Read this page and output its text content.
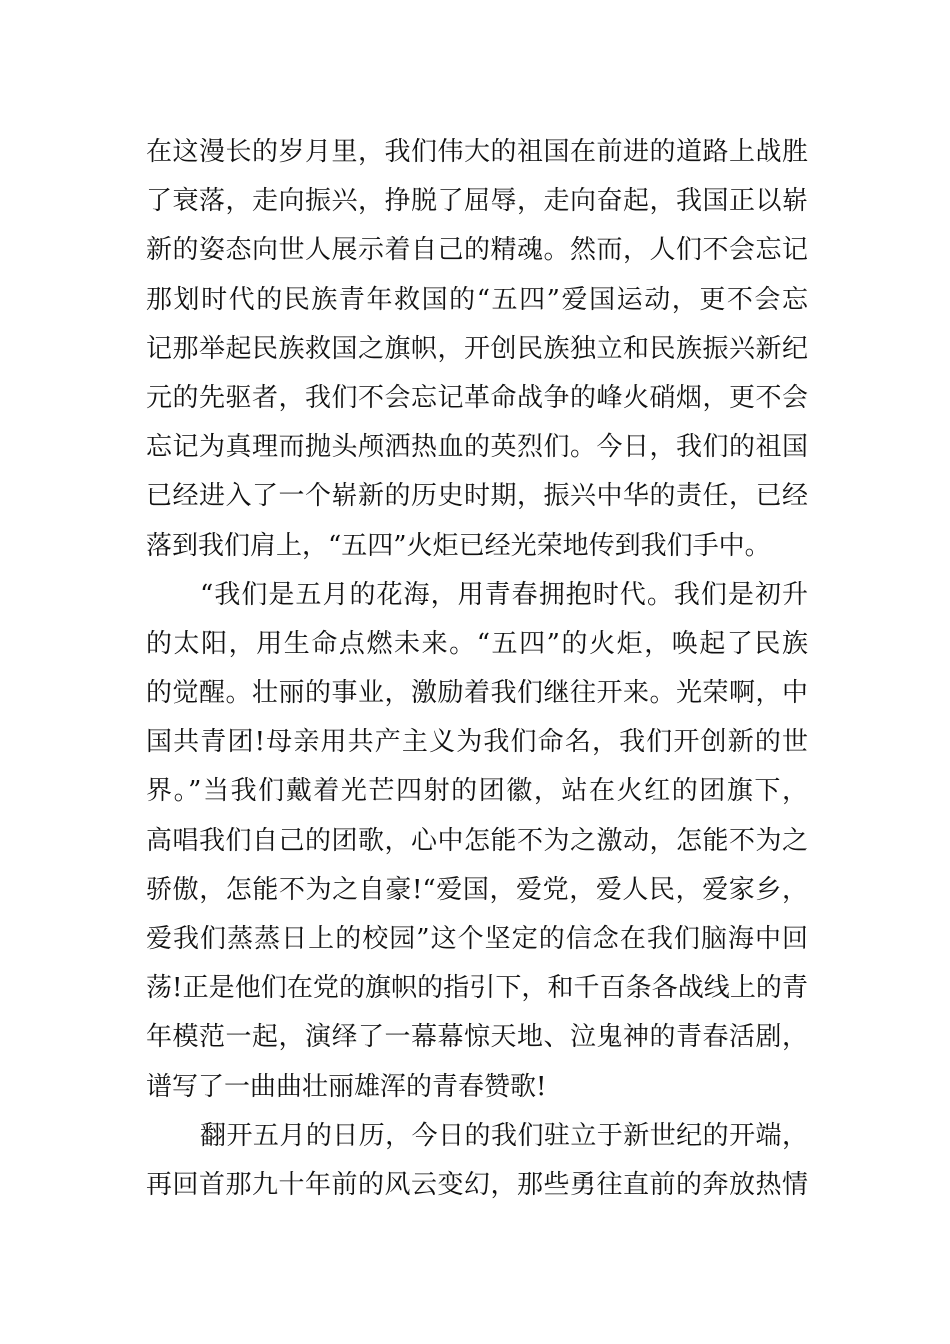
在这漫长的岁月里，我们伟大的祖国在前进的道路上战胜
了衰落，走向振兴，挣脱了屈辱，走向奋起，我国正以崭
新的姿态向世人展示着自己的精魂。然而，人们不会忘记
那划时代的民族青年救国的“五四”爱国运动，更不会忘
记那举起民族救国之旗帜，开创民族独立和民族振兴新纪
元的先驱者，我们不会忘记革命战争的峰火硝烟，更不会
忘记为真理而抛头颅洒热血的英烈们。今日，我们的祖国
已经进入了一个崭新的历史时期，振兴中华的责任，已经
落到我们肩上，“五四”火炬已经光荣地传到我们手中。
“我们是五月的花海，用青春拥抱时代。我们是初升
的太阳，用生命点燃未来。“五四”的火炬，唤起了民族
的觉醒。壮丽的事业，激励着我们继往开来。光荣啊，中
国共青团!母亲用共产主义为我们命名，我们开创新的世
界。”当我们戴着光芒四射的团徽，站在火红的团旗下，
高唱我们自己的团歌，心中怎能不为之激动，怎能不为之
骄傲，怎能不为之自豪!“爱国，爱党，爱人民，爱家乡，
爱我们蒸蒸日上的校园”这个坚定的信念在我们脑海中回
荡!正是他们在党的旗帜的指引下，和千百条各战线上的青
年模范一起，演绎了一幕幕惊天地、泣鬼神的青春活剧，
谱写了一曲曲壮丽雄浑的青春赞歌!
翻开五月的日历，今日的我们驻立于新世纪的开端，
再回首那九十年前的风云变幻，那些勇往直前的奔放热情
